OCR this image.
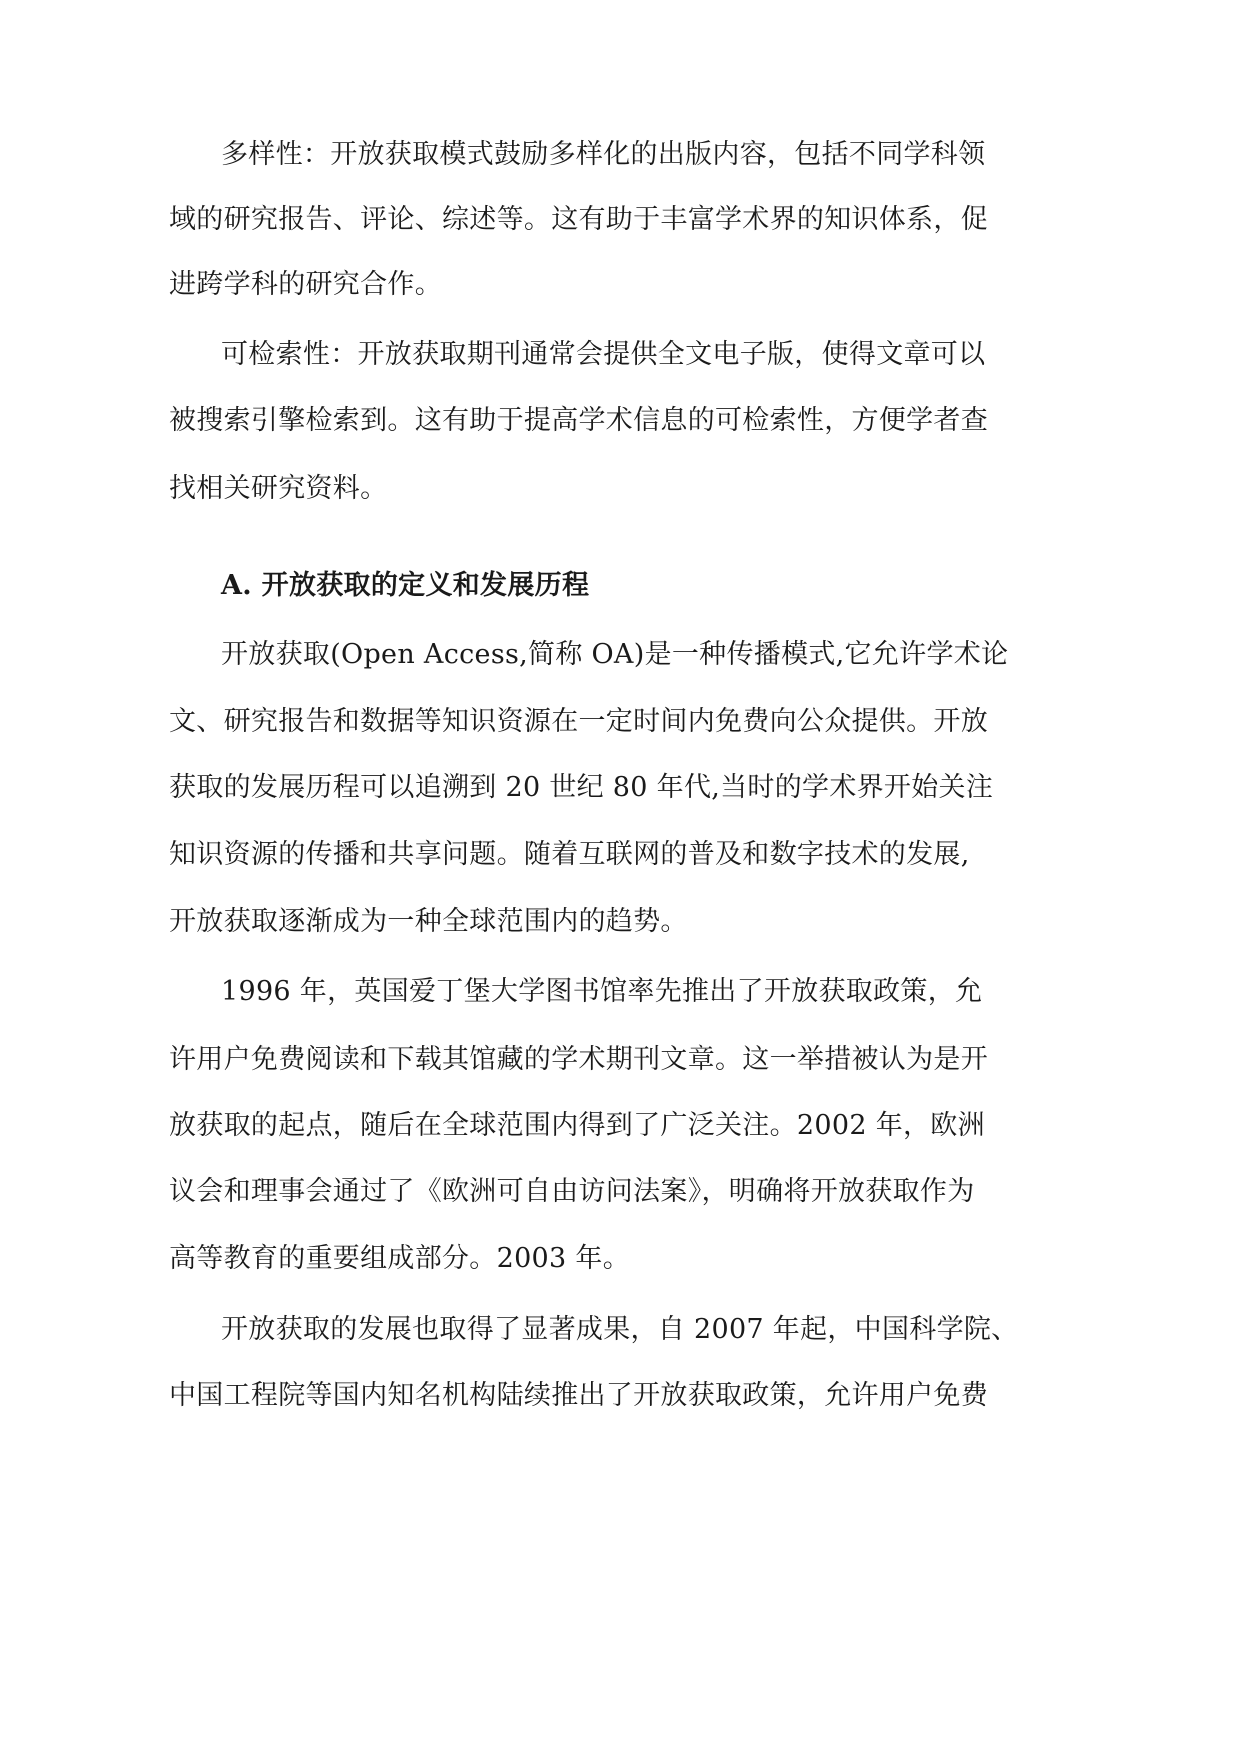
多样性：开放获取模式鼓励多样化的出版内容，包括不同学科领
域的研究报告、评论、综述等。这有助于丰富学术界的知识体系，促
进跨学科的研究合作。
可检索性：开放获取期刊通常会提供全文电子版，使得文章可以
被搜索引擎检索到。这有助于提高学术信息的可检索性，方便学者查
找相关研究资料。
A. 开放获取的定义和发展历程
开放获取(Open Access,简称 OA)是一种传播模式,它允许学术论
文、研究报告和数据等知识资源在一定时间内免费向公众提供。开放
获取的发展历程可以追溯到 20 世纪 80 年代,当时的学术界开始关注
知识资源的传播和共享问题。随着互联网的普及和数字技术的发展,
开放获取逐渐成为一种全球范围内的趋势。
1996 年，英国爱丁堡大学图书馆率先推出了开放获取政策，允
许用户免费阅读和下载其馆藏的学术期刊文章。这一举措被认为是开
放获取的起点，随后在全球范围内得到了广泛关注。2002 年，欧洲
议会和理事会通过了《欧洲可自由访问法案》，明确将开放获取作为
高等教育的重要组成部分。2003 年。
开放获取的发展也取得了显著成果，自 2007 年起，中国科学院、
中国工程院等国内知名机构陆续推出了开放获取政策，允许用户免费
